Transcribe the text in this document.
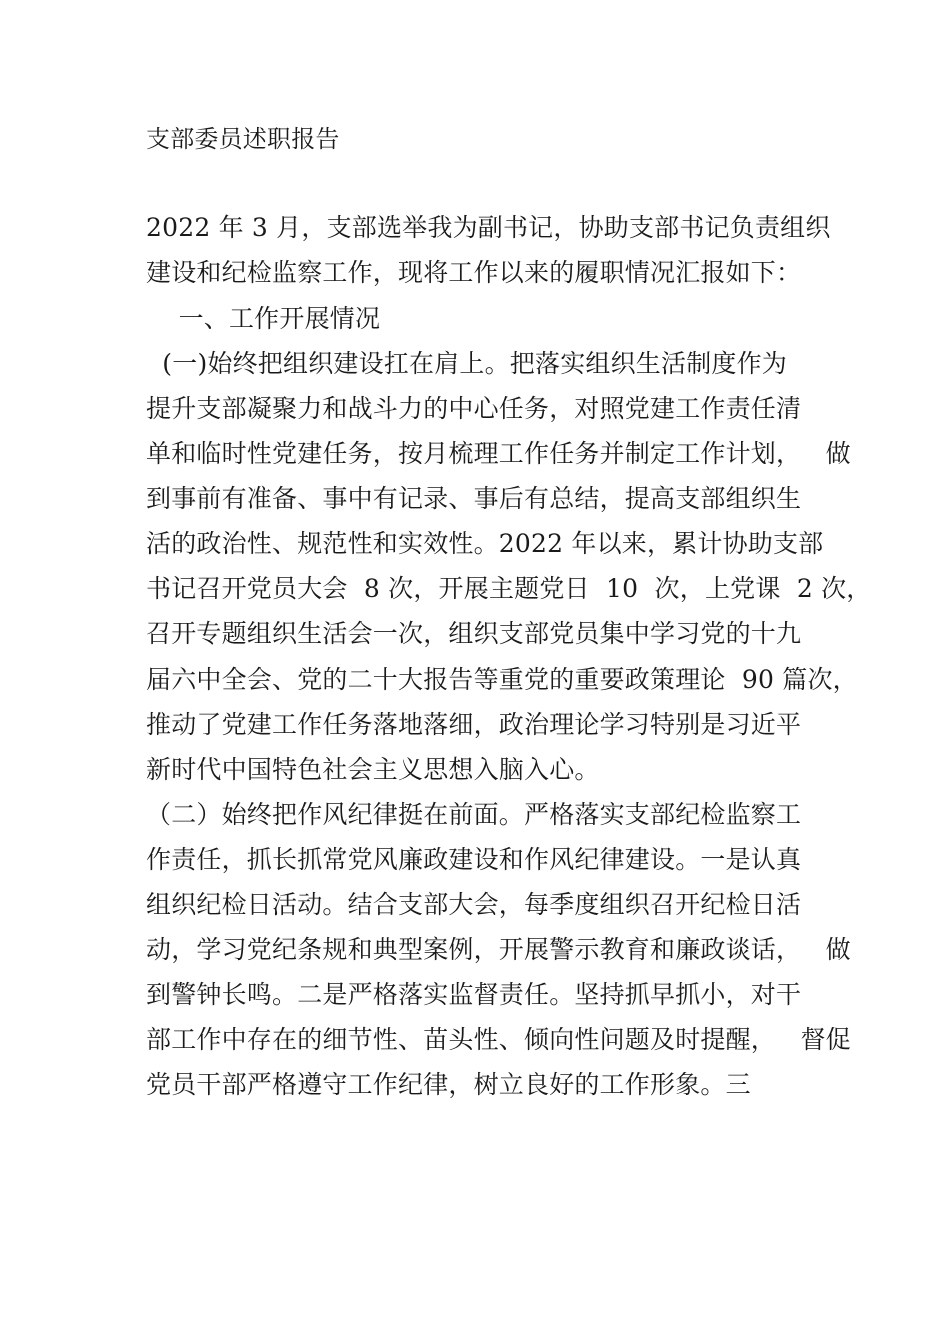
支部委员述职报告
2022 年 3 月，支部选举我为副书记，协助支部书记负责组织
建设和纪检监察工作，现将工作以来的履职情况汇报如下：
一、工作开展情况
(一)始终把组织建设扛在肩上。把落实组织生活制度作为
提升支部凝聚力和战斗力的中心任务，对照党建工作责任清
单和临时性党建任务，按月梳理工作任务并制定工作计划，   做
到事前有准备、事中有记录、事后有总结，提高支部组织生
活的政治性、规范性和实效性。2022 年以来，累计协助支部
书记召开党员大会  8 次，开展主题党日  10  次，上党课  2 次，
召开专题组织生活会一次，组织支部党员集中学习党的十九
届六中全会、党的二十大报告等重党的重要政策理论  90 篇次，
推动了党建工作任务落地落细，政治理论学习特别是习近平
新时代中国特色社会主义思想入脑入心。
（二）始终把作风纪律挺在前面。严格落实支部纪检监察工
作责任，抓长抓常党风廉政建设和作风纪律建设。一是认真
组织纪检日活动。结合支部大会，每季度组织召开纪检日活
动，学习党纪条规和典型案例，开展警示教育和廉政谈话，   做
到警钟长鸣。二是严格落实监督责任。坚持抓早抓小，对干
部工作中存在的细节性、苗头性、倾向性问题及时提醒，   督促
党员干部严格遵守工作纪律，树立良好的工作形象。三
